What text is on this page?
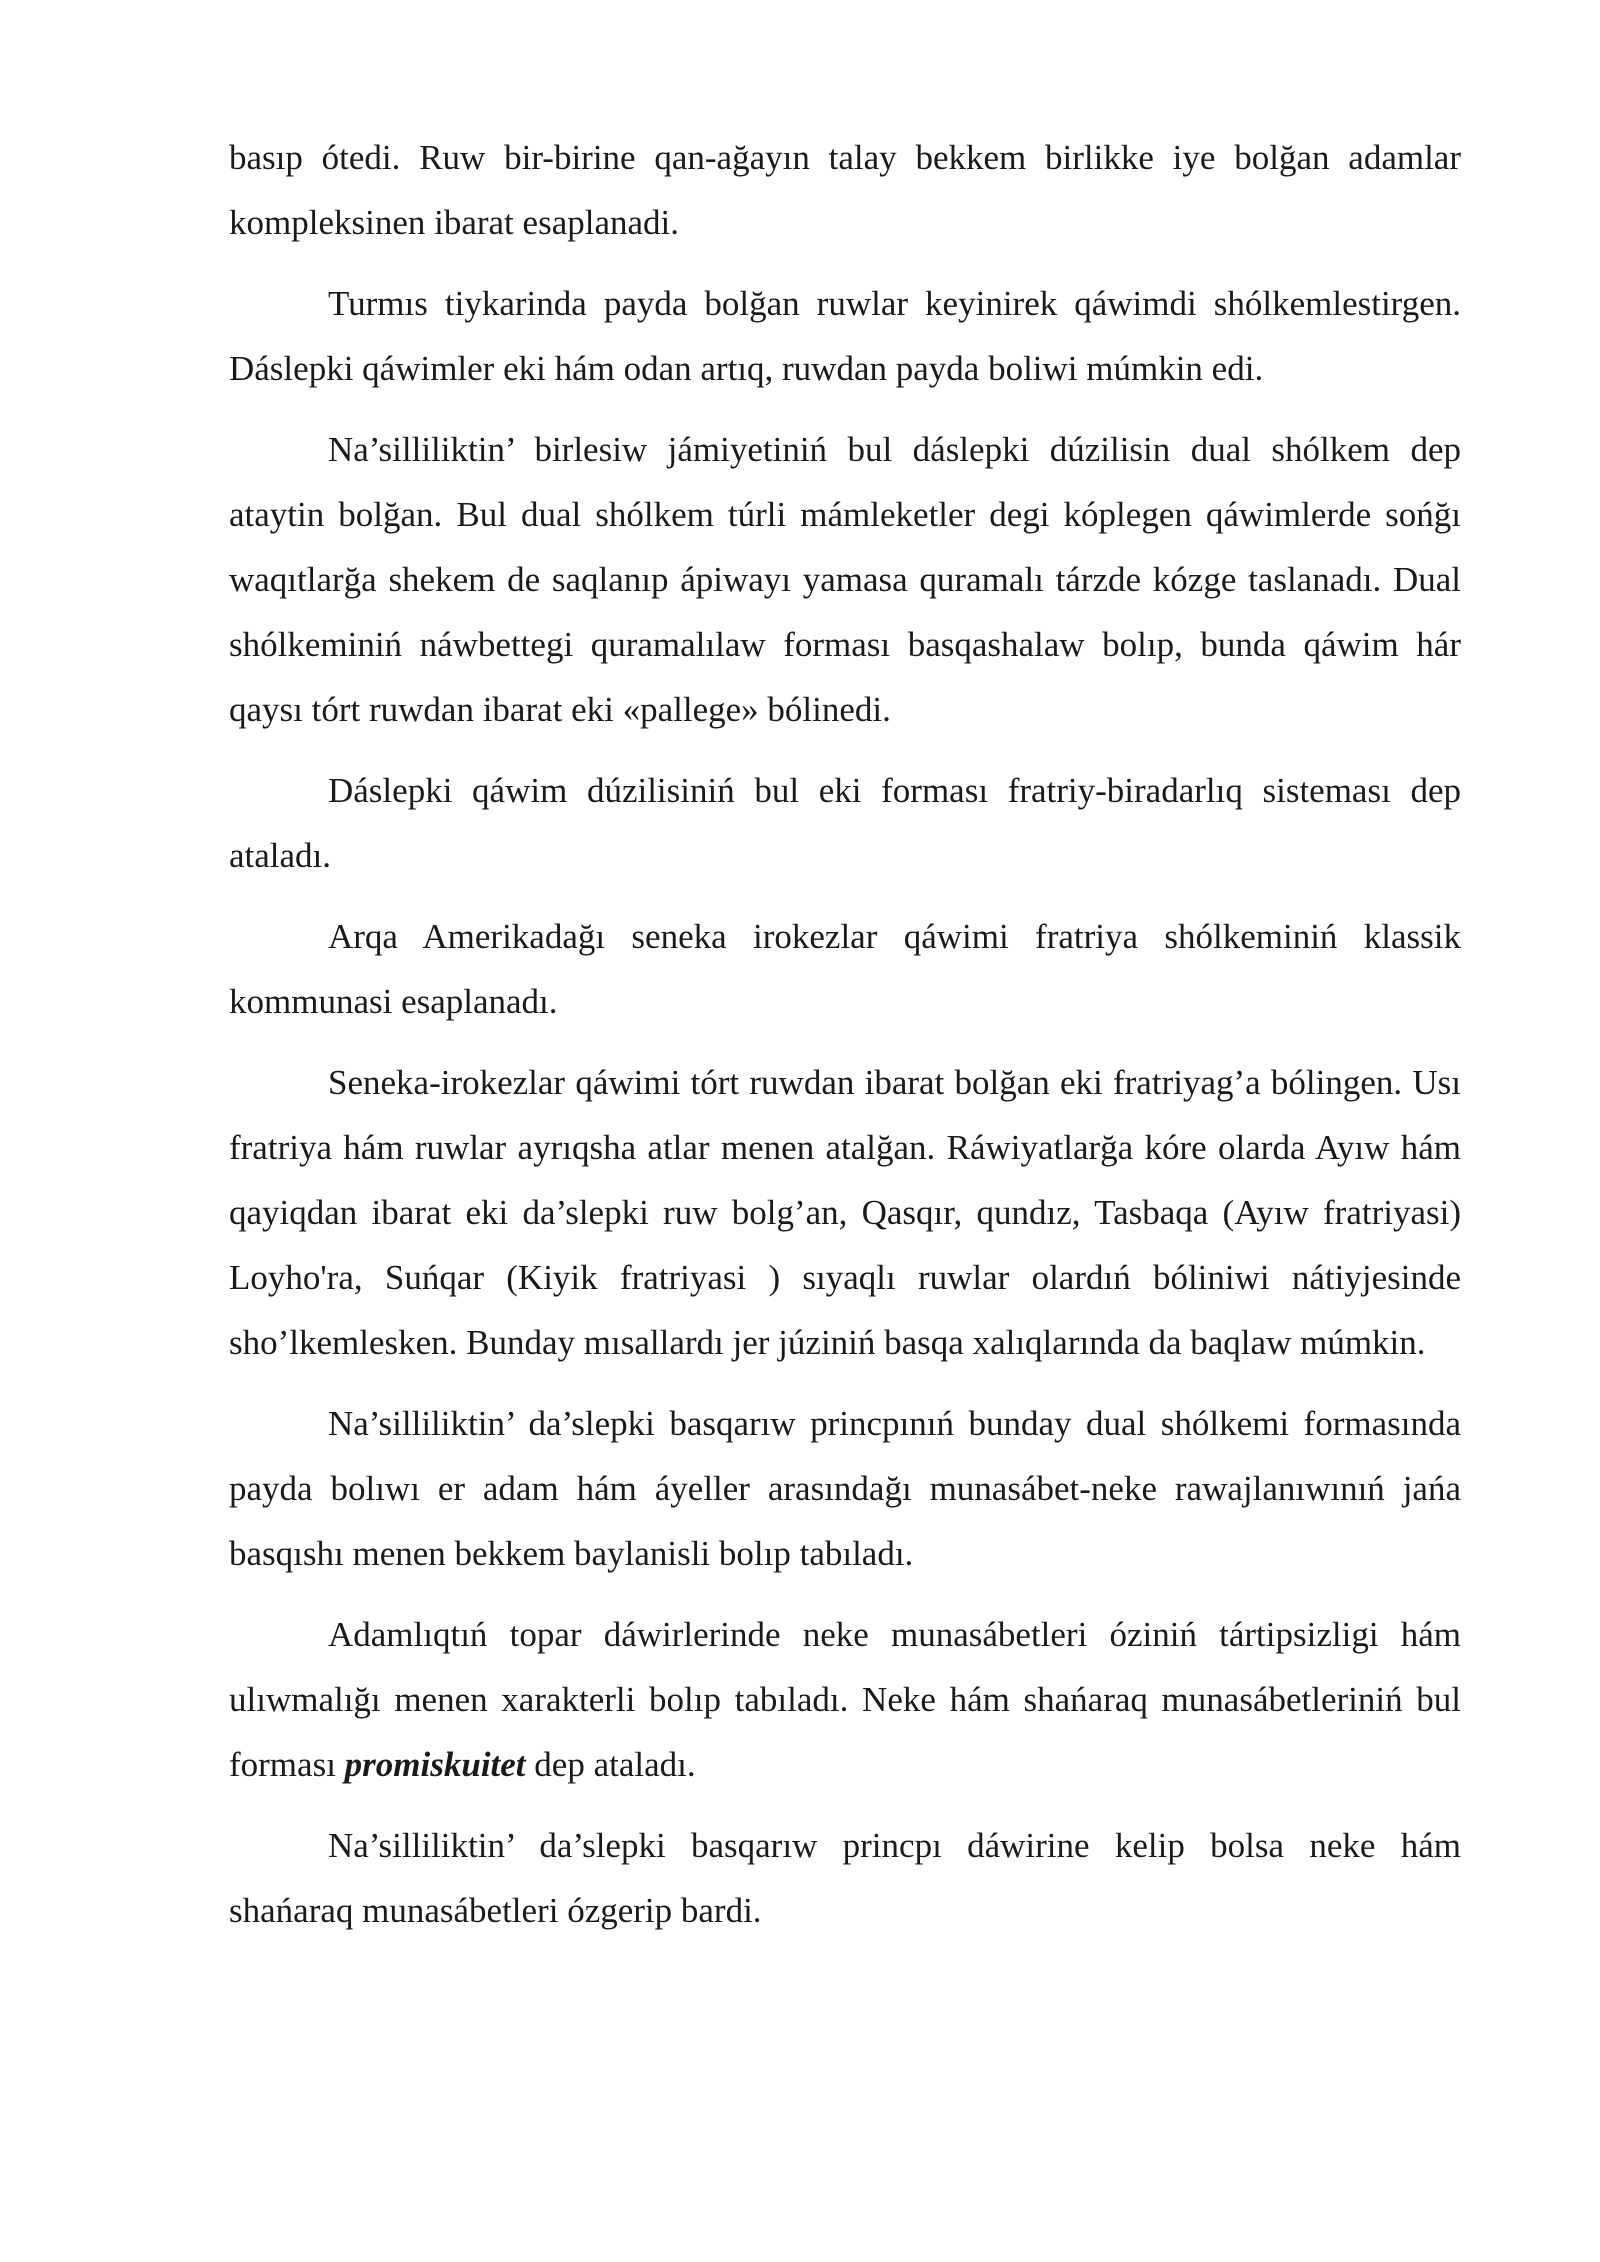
basıp ótedi. Ruw bir-birine qan-ağayın talay bekkem birlikke iye bolğan adamlar kompleksinen ibarat esaplanadi.

Turmıs tiykarinda payda bolğan ruwlar keyinirek qáwimdi shólkemlestirgen. Dáslepki qáwimler eki hám odan artıq, ruwdan payda boliwi múmkin edi.

Na’silliliktin’ birlesiw jámiyetiniń bul dáslepki dúzilisin dual shólkem dep ataytin bolğan. Bul dual shólkem túrli mámleketler degi kóplegen qáwimlerde sońğı waqıtlarğa shekem de saqlanıp ápiwayı yamasa quramalı tárzde kózge taslanadı. Dual shólkeminiń náwbettegi quramalılaw forması basqashalaw bolıp, bunda qáwim hár qaysı tórt ruwdan ibarat eki «pallege» bólinedi.

Dáslepki qáwim dúzilisiniń bul eki forması fratriy-biradarlıq sisteması dep ataladı.

Arqa Amerikadağı seneka irokezlar qáwimi fratriya shólkeminiń klassik kommunasi esaplanadı.

Seneka-irokezlar qáwimi tórt ruwdan ibarat bolğan eki fratriyag’a bólingen. Usı fratriya hám ruwlar ayrıqsha atlar menen atalğan. Ráwiyatlarğa kóre olarda Ayıw hám qayiqdan ibarat eki da’slepki ruw bolg’an, Qasqır, qundız, Tasbaqa (Ayıw fratriyasi) Loyho'ra, Suńqar (Kiyik fratriyasi ) sıyaqlı ruwlar olardıń bóliniwi nátiyjesinde sho’lkemlesken. Bunday mısallardı jer júziniń basqa xalıqlarında da baqlaw múmkin.

Na’silliliktin’ da’slepki basqarıw princpınıń bunday dual shólkemi formasında payda bolıwı er adam hám áyeller arasındağı munasábet-neke rawajlanıwınıń jańa basqıshı menen bekkem baylanisli bolıp tabıladı.

Adamlıqtıń topar dáwirlerinde neke munasábetleri óziniń tártipsizligi hám ulıwmalığı menen xarakterli bolıp tabıladı. Neke hám shańaraq munasábetleriniń bul forması promiskuitet dep ataladı.

Na’silliliktin’ da’slepki basqarıw princpı dáwirine kelip bolsa neke hám shańaraq munasábetleri ózgerip bardi.
